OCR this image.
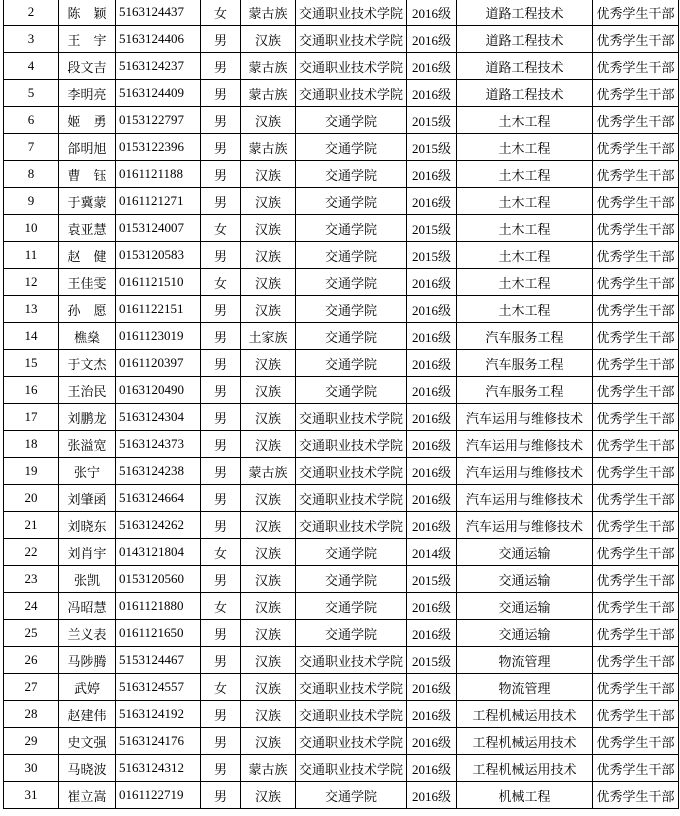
2	陈　颖	5163124437	女	蒙古族	交通职业技术学院	2016级	道路工程技术	优秀学生干部
3	王　宇	5163124406	男	汉族	交通职业技术学院	2016级	道路工程技术	优秀学生干部
4	段文吉	5163124237	男	蒙古族	交通职业技术学院	2016级	道路工程技术	优秀学生干部
5	李明亮	5163124409	男	蒙古族	交通职业技术学院	2016级	道路工程技术	优秀学生干部
6	姬　勇	0153122797	男	汉族	交通学院	2015级	土木工程	优秀学生干部
7	郃明旭	0153122396	男	蒙古族	交通学院	2015级	土木工程	优秀学生干部
8	曹　钰	0161121188	男	汉族	交通学院	2016级	土木工程	优秀学生干部
9	于冀蒙	0161121271	男	汉族	交通学院	2016级	土木工程	优秀学生干部
10	袁亚慧	0153124007	女	汉族	交通学院	2015级	土木工程	优秀学生干部
11	赵　健	0153120583	男	汉族	交通学院	2015级	土木工程	优秀学生干部
12	王佳雯	0161121510	女	汉族	交通学院	2016级	土木工程	优秀学生干部
13	孙　愿	0161122151	男	汉族	交通学院	2016级	土木工程	优秀学生干部
14	樵燊	0161123019	男	土家族	交通学院	2016级	汽车服务工程	优秀学生干部
15	于文杰	0161120397	男	汉族	交通学院	2016级	汽车服务工程	优秀学生干部
16	王治民	0163120490	男	汉族	交通学院	2016级	汽车服务工程	优秀学生干部
17	刘鹏龙	5163124304	男	汉族	交通职业技术学院	2016级	汽车运用与维修技术	优秀学生干部
18	张溢宽	5163124373	男	汉族	交通职业技术学院	2016级	汽车运用与维修技术	优秀学生干部
19	张宁	5163124238	男	蒙古族	交通职业技术学院	2016级	汽车运用与维修技术	优秀学生干部
20	刘肇函	5163124664	男	汉族	交通职业技术学院	2016级	汽车运用与维修技术	优秀学生干部
21	刘晓东	5163124262	男	汉族	交通职业技术学院	2016级	汽车运用与维修技术	优秀学生干部
22	刘肖宇	0143121804	女	汉族	交通学院	2014级	交通运输	优秀学生干部
23	张凯	0153120560	男	汉族	交通学院	2015级	交通运输	优秀学生干部
24	冯昭慧	0161121880	女	汉族	交通学院	2016级	交通运输	优秀学生干部
25	兰义表	0161121650	男	汉族	交通学院	2016级	交通运输	优秀学生干部
26	马陟腾	5153124467	男	汉族	交通职业技术学院	2015级	物流管理	优秀学生干部
27	武婷	5163124557	女	汉族	交通职业技术学院	2016级	物流管理	优秀学生干部
28	赵建伟	5163124192	男	汉族	交通职业技术学院	2016级	工程机械运用技术	优秀学生干部
29	史文强	5163124176	男	汉族	交通职业技术学院	2016级	工程机械运用技术	优秀学生干部
30	马晓波	5163124312	男	蒙古族	交通职业技术学院	2016级	工程机械运用技术	优秀学生干部
31	崔立嵩	0161122719	男	汉族	交通学院	2016级	机械工程	优秀学生干部
